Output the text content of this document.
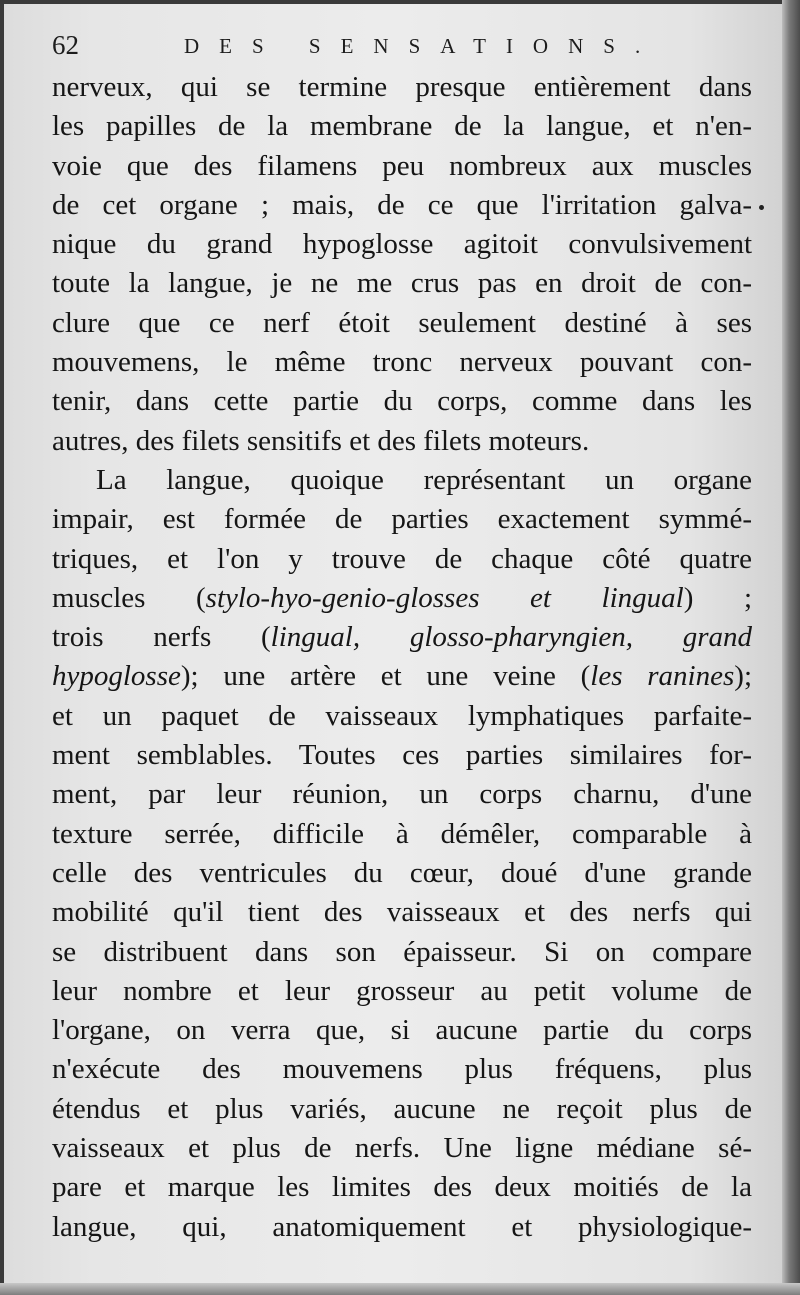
62	DES SENSATIONS.
nerveux, qui se termine presque entièrement dans
les papilles de la membrane de la langue, et n'en-
voie que des filamens peu nombreux aux muscles
de cet organe ; mais, de ce que l'irritation galva-
nique du grand hypoglosse agitoit convulsivement
toute la langue, je ne me crus pas en droit de con-
clure que ce nerf étoit seulement destiné à ses
mouvemens, le même tronc nerveux pouvant con-
tenir, dans cette partie du corps, comme dans les
autres, des filets sensitifs et des filets moteurs.
La langue, quoique représentant un organe
impair, est formée de parties exactement symmé-
triques, et l'on y trouve de chaque côté quatre
muscles (stylo-hyo-genio-glosses et lingual) ;
trois nerfs (lingual, glosso-pharyngien, grand
hypoglosse); une artère et une veine (les ranines);
et un paquet de vaisseaux lymphatiques parfaite-
ment semblables. Toutes ces parties similaires for-
ment, par leur réunion, un corps charnu, d'une
texture serrée, difficile à démêler, comparable à
celle des ventricules du cœur, doué d'une grande
mobilité qu'il tient des vaisseaux et des nerfs qui
se distribuent dans son épaisseur. Si on compare
leur nombre et leur grosseur au petit volume de
l'organe, on verra que, si aucune partie du corps
n'exécute des mouvemens plus fréquens, plus
étendus et plus variés, aucune ne reçoit plus de
vaisseaux et plus de nerfs. Une ligne médiane sé-
pare et marque les limites des deux moitiés de la
langue, qui, anatomiquement et physiologique-
